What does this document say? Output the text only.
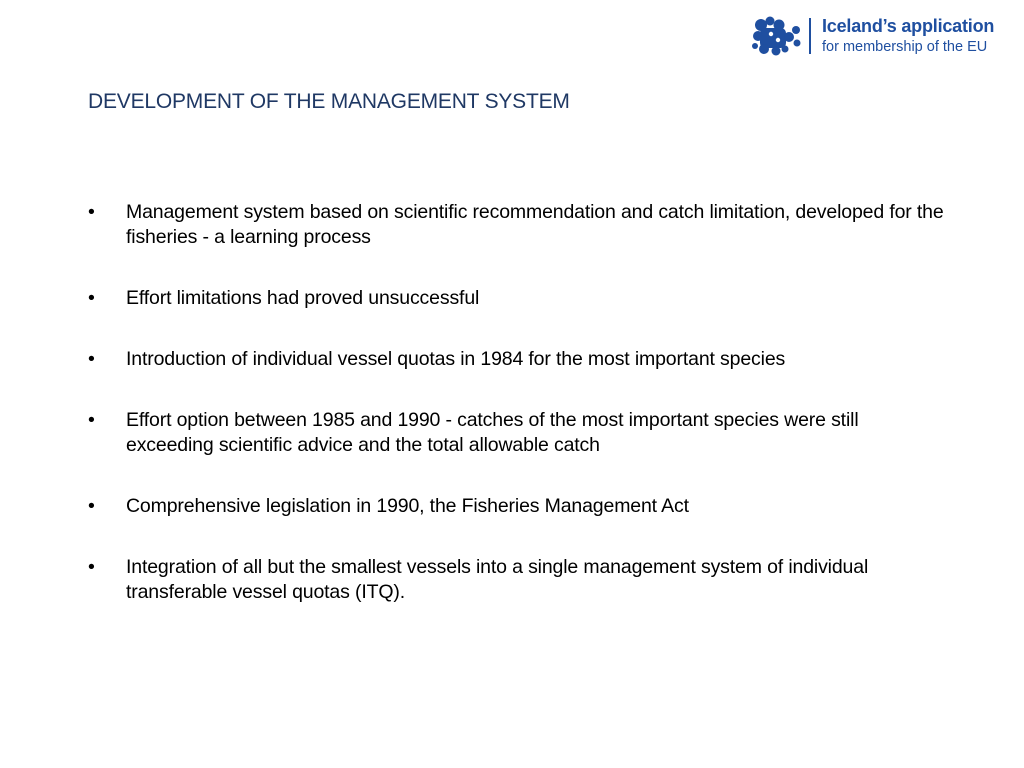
Iceland’s application
for membership of the EU
DEVELOPMENT OF THE MANAGEMENT SYSTEM
•	Management system based on scientific recommendation and catch limitation, developed for the fisheries - a learning process
•	Effort limitations had proved unsuccessful
•	Introduction of individual vessel quotas in 1984 for the most important species
•	Effort option between 1985 and 1990 - catches of the most important species were still exceeding scientific advice and the total allowable catch
•	Comprehensive legislation in 1990, the Fisheries Management Act
•	Integration of all but the smallest vessels into a single management system of individual transferable vessel quotas (ITQ).
